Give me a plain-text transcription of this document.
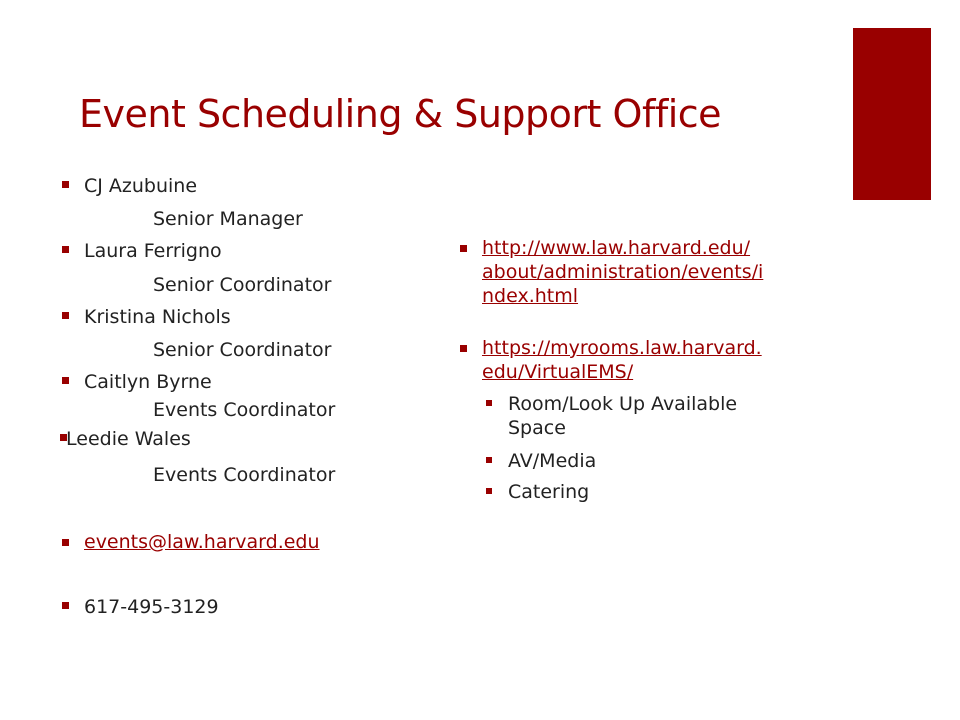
Event Scheduling & Support Office
CJ Azubuine
Senior Manager
Laura Ferrigno
Senior Coordinator
Kristina Nichols
Senior Coordinator
Caitlyn Byrne
Events Coordinator
Leedie Wales
Events Coordinator
events@law.harvard.edu
617-495-3129
http://www.law.harvard.edu/
about/administration/events/i
ndex.html
https://myrooms.law.harvard.
edu/VirtualEMS/
Room/Look Up Available
Space
AV/Media
Catering
